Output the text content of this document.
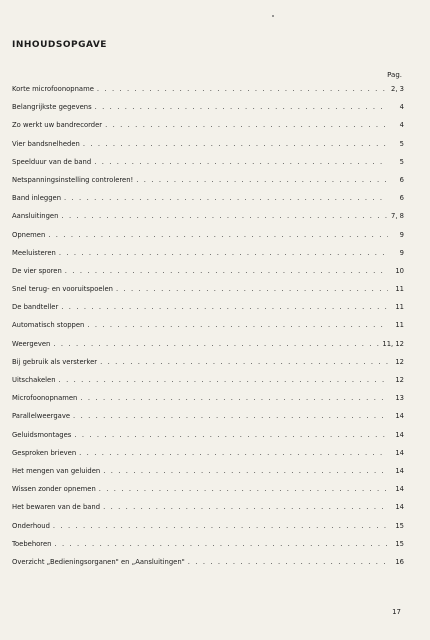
INHOUDSOPGAVE
Pag.
Korte microfoonopname . . .	2, 3
Belangrijkste gegevens . . .	4
Zo werkt uw bandrecorder . . .	4
Vier bandsnelheden . . .	5
Speelduur van de band . . .	5
Netspanningsinstelling controleren! . . .	6
Band inleggen . . .	6
Aansluitingen . . .	7, 8
Opnemen . . .	9
Meeluisteren . . .	9
De vier sporen . . .	10
Snel terug- en vooruitspoelen . . .	11
De bandteller . . .	11
Automatisch stoppen . . .	11
Weergeven . . .	11, 12
Bij gebruik als versterker . . .	12
Uitschakelen . . .	12
Microfoonopnamen . . .	13
Parallelweergave . . .	14
Geluidsmontages . . .	14
Gesproken brieven . . .	14
Het mengen van geluiden . . .	14
Wissen zonder opnemen . . .	14
Het bewaren van de band . . .	14
Onderhoud . . .	15
Toebehoren . . .	15
Overzicht „Bedieningsorganen" en „Aansluitingen" . . .	16
17
